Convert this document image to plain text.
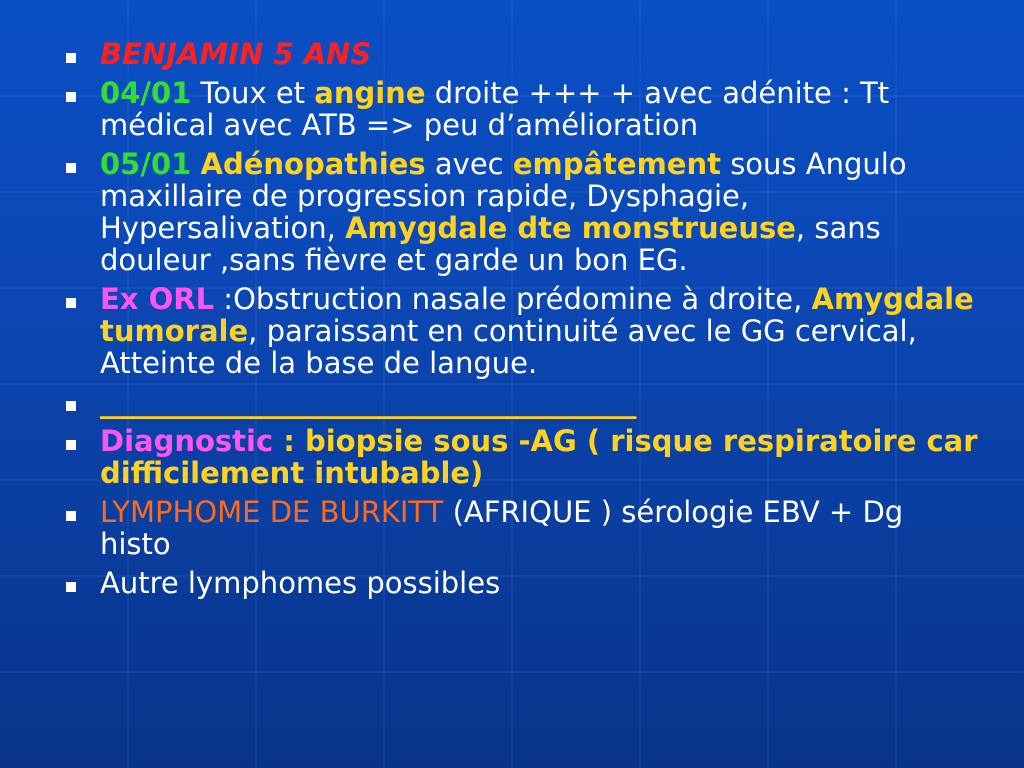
BENJAMIN 5 ANS
04/01 Toux et angine droite +++ + avec adénite : Tt médical avec ATB => peu d’amélioration
05/01 Adénopathies avec empâtement sous Angulo maxillaire de progression rapide, Dysphagie, Hypersalivation, Amygdale dte monstrueuse, sans douleur ,sans fièvre et garde un bon EG.
Ex ORL :Obstruction nasale prédomine à droite, Amygdale tumorale, paraissant en continuité avec le GG cervical, Atteinte de la base de langue.
_____________________________________
Diagnostic : biopsie sous -AG ( risque respiratoire car difficilement intubable)
LYMPHOME DE BURKITT (AFRIQUE ) sérologie EBV + Dg histo
Autre lymphomes possibles
